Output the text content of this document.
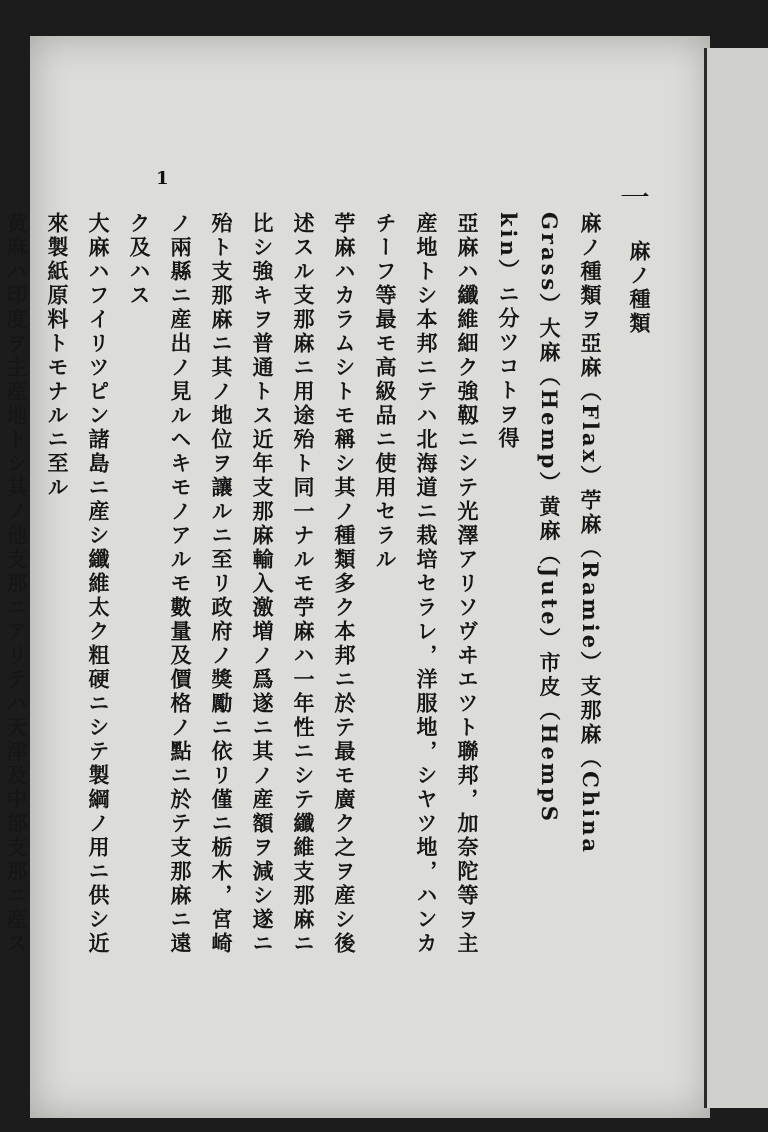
1
一
麻ノ種類
麻ノ種類ヲ亞麻（Flax）苧麻（Ramie）支那麻（China
Grass）大麻（Hemp）黄麻（Jute）市皮（HempS
kin）ニ分ツコトヲ得
亞麻ハ纖維細ク強靱ニシテ光澤アリソヴヰエツト聯邦，加奈陀等ヲ主
産地トシ本邦ニテハ北海道ニ栽培セラレ，洋服地，シヤツ地，ハンカ
チーフ等最モ高級品ニ使用セラル
苧麻ハカラムシトモ稱シ其ノ種類多ク本邦ニ於テ最モ廣ク之ヲ産シ後
述スル支那麻ニ用途殆ト同一ナルモ苧麻ハ一年性ニシテ纖維支那麻ニ
比シ強キヲ普通トス近年支那麻輸入激増ノ爲遂ニ其ノ産額ヲ減シ遂ニ
殆ト支那麻ニ其ノ地位ヲ讓ルニ至リ政府ノ獎勵ニ依リ僅ニ栃木，宮崎
ノ兩縣ニ産出ノ見ルヘキモノアルモ數量及價格ノ點ニ於テ支那麻ニ遠
ク及ハス
大麻ハフイリツピン諸島ニ産シ纖維太ク粗硬ニシテ製綱ノ用ニ供シ近
來製紙原料トモナルニ至ル
黄麻ハ印度ヲ主産地トシ其ノ他支那ニアリテハ天津及中部支那ニ産ス
